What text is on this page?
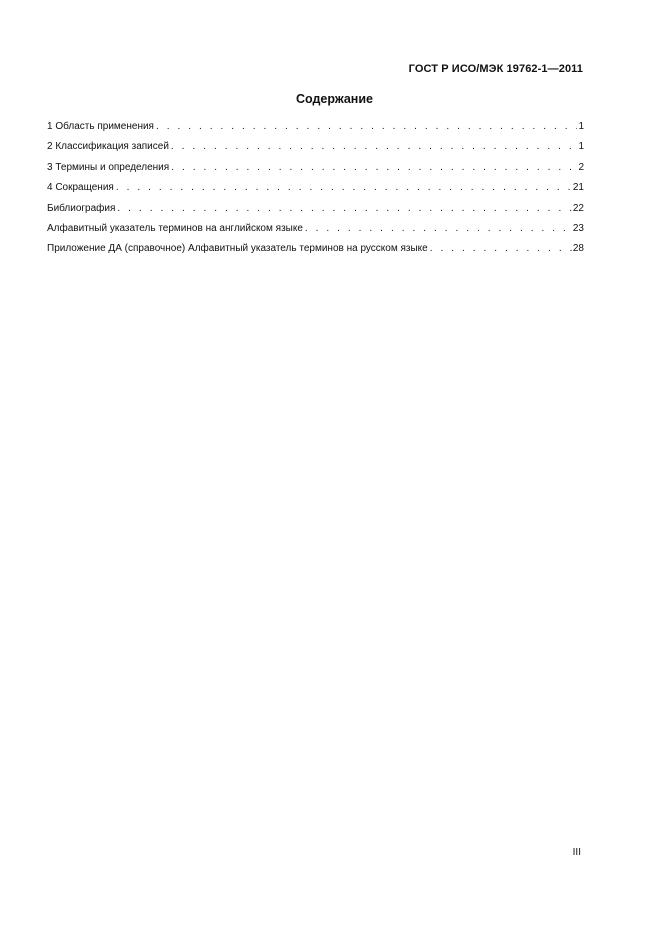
ГОСТ Р ИСО/МЭК 19762-1—2011
Содержание
1 Область применения . . .	1
2 Классификация записей . . .	1
3 Термины и определения . . .	2
4 Сокращения . . .	21
Библиография . . .	22
Алфавитный указатель терминов на английском языке . . .	23
Приложение ДА (справочное) Алфавитный указатель терминов на русском языке . . .	28
III
